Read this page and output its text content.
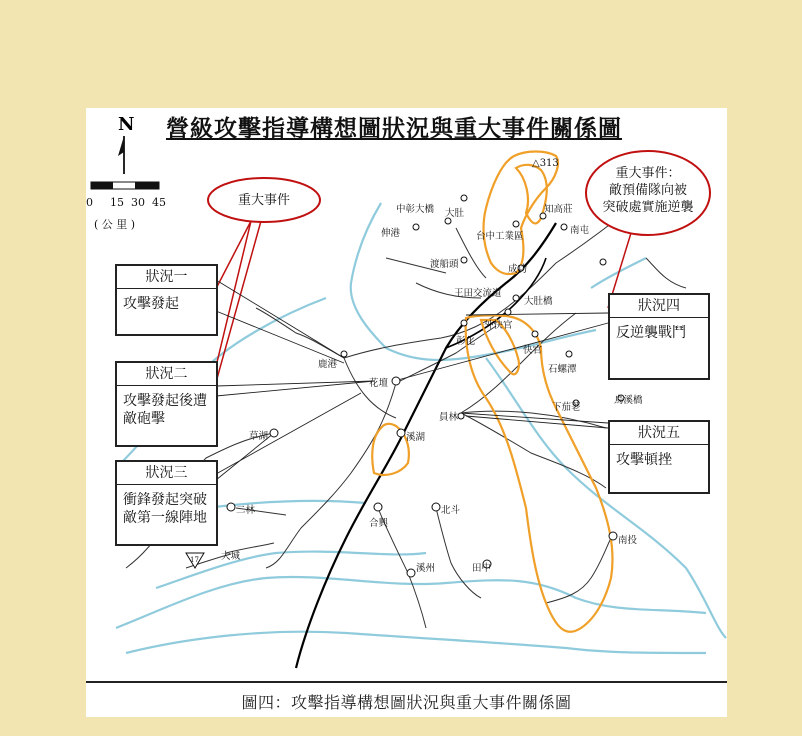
營級攻擊指導構想圖狀況與重大事件關係圖
N
0 15 30 45
( 公 里 )
△313
17
重大事件
重大事件：
敵預備隊向被
突破處實施逆襲
狀況一
攻擊發起
狀況二
攻擊發起後遭
敵砲擊
狀況三
衝鋒發起突破
敵第一線陣地
狀況四
反逆襲戰鬥
狀況五
攻擊頓挫
中彰大橋 大肚
伸港
知高莊
南屯
台中工業區
渡船頭	成功
王田交流道
大肚橋
外快官
彰化
快官
石螺潭
鹿港
花壇
烏溪橋
下茄荖
員林
溪湖
草湖
二林	北斗
合興
南投
大城
溪州	田中
圖四：攻擊指導構想圖狀況與重大事件關係圖
